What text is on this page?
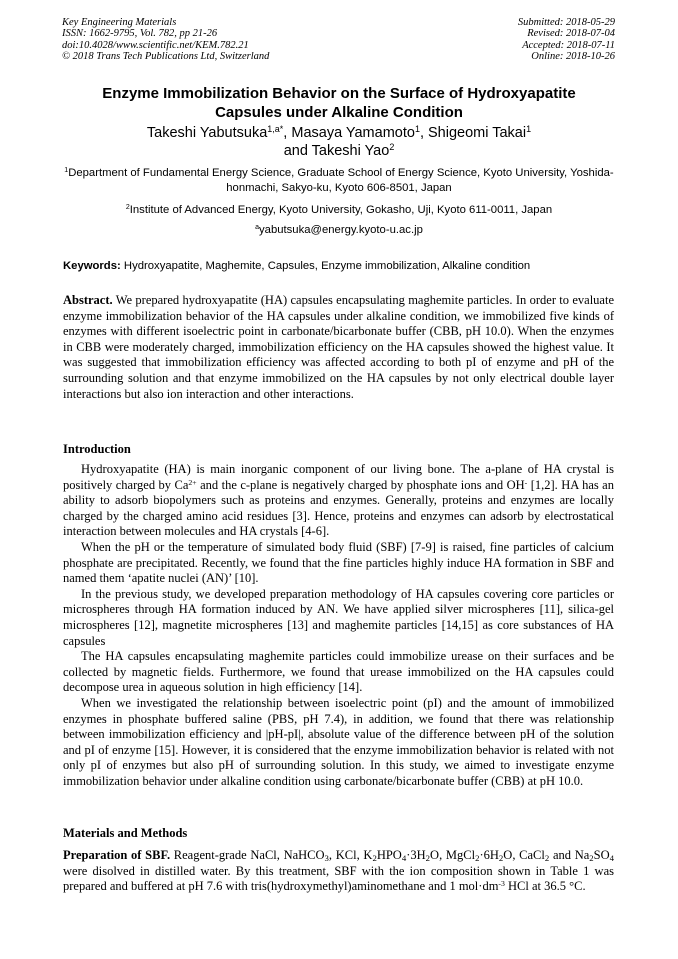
Key Engineering Materials
ISSN: 1662-9795, Vol. 782, pp 21-26
doi:10.4028/www.scientific.net/KEM.782.21
© 2018 Trans Tech Publications Ltd, Switzerland
Submitted: 2018-05-29
Revised: 2018-07-04
Accepted: 2018-07-11
Online: 2018-10-26
Enzyme Immobilization Behavior on the Surface of Hydroxyapatite
Capsules under Alkaline Condition
Takeshi Yabutsuka$^{1,a*}$, Masaya Yamamoto$^1$, Shigeomi Takai$^1$
and Takeshi Yao$^2$
$^1$Department of Fundamental Energy Science, Graduate School of Energy Science, Kyoto University, Yoshida-honmachi, Sakyo-ku, Kyoto 606-8501, Japan
$^2$Institute of Advanced Energy, Kyoto University, Gokasho, Uji, Kyoto 611-0011, Japan
$^a$yabutsuka@energy.kyoto-u.ac.jp
Keywords: Hydroxyapatite, Maghemite, Capsules, Enzyme immobilization, Alkaline condition
Abstract. We prepared hydroxyapatite (HA) capsules encapsulating maghemite particles. In order to evaluate enzyme immobilization behavior of the HA capsules under alkaline condition, we immobilized five kinds of enzymes with different isoelectric point in carbonate/bicarbonate buffer (CBB, pH 10.0). When the enzymes in CBB were moderately charged, immobilization efficiency on the HA capsules showed the highest value. It was suggested that immobilization efficiency was affected according to both pI of enzyme and pH of the surrounding solution and that enzyme immobilized on the HA capsules by not only electrical double layer interactions but also ion interaction and other interactions.
Introduction

Hydroxyapatite (HA) is main inorganic component of our living bone. The a-plane of HA crystal is positively charged by $Ca^{2+}$ and the c-plane is negatively charged by phosphate ions and OH- [1,2]. HA has an ability to adsorb biopolymers such as proteins and enzymes. Generally, proteins and enzymes are locally charged by the charged amino acid residues [3]. Hence, proteins and enzymes can adsorb by electrostatical interaction between molecules and HA crystals [4-6].

When the pH or the temperature of simulated body fluid (SBF) [7-9] is raised, fine particles of calcium phosphate are precipitated. Recently, we found that the fine particles highly induce HA formation in SBF and named them ‘apatite nuclei (AN)’ [10].

In the previous study, we developed preparation methodology of HA capsules covering core particles or microspheres through HA formation induced by AN. We have applied silver microspheres [11], silica-gel microspheres [12], magnetite microspheres [13] and maghemite particles [14,15] as core substances of HA capsules

The HA capsules encapsulating maghemite particles could immobilize urease on their surfaces and be collected by magnetic fields. Furthermore, we found that urease immobilized on the HA capsules could decompose urea in aqueous solution in high efficiency [14].

When we investigated the relationship between isoelectric point (pI) and the amount of immobilized enzymes in phosphate buffered saline (PBS, pH 7.4), in addition, we found that there was relationship between immobilization efficiency and |pH-pI|, absolute value of the difference between pH of the solution and pI of enzyme [15]. However, it is considered that the enzyme immobilization behavior is related with not only pI of enzymes but also pH of surrounding solution. In this study, we aimed to investigate enzyme immobilization behavior under alkaline condition using carbonate/bicarbonate buffer (CBB) at pH 10.0.

Materials and Methods

Preparation of SBF. Reagent-grade NaCl, NaHCO$_3$, KCl, $K_2HPO_4\cdot 3H_2O$, $MgCl_2\cdot 6H_2O$, CaCl$_2$ and $Na_2SO_4$ were disolved in distilled water. By this treatment, SBF with the ion composition shown in Table 1 was prepared and buffered at pH 7.6 with tris(hydroxymethyl)aminomethane and 1 $mol\cdot dm^{-3}$ HCl at 36.5 °C.
